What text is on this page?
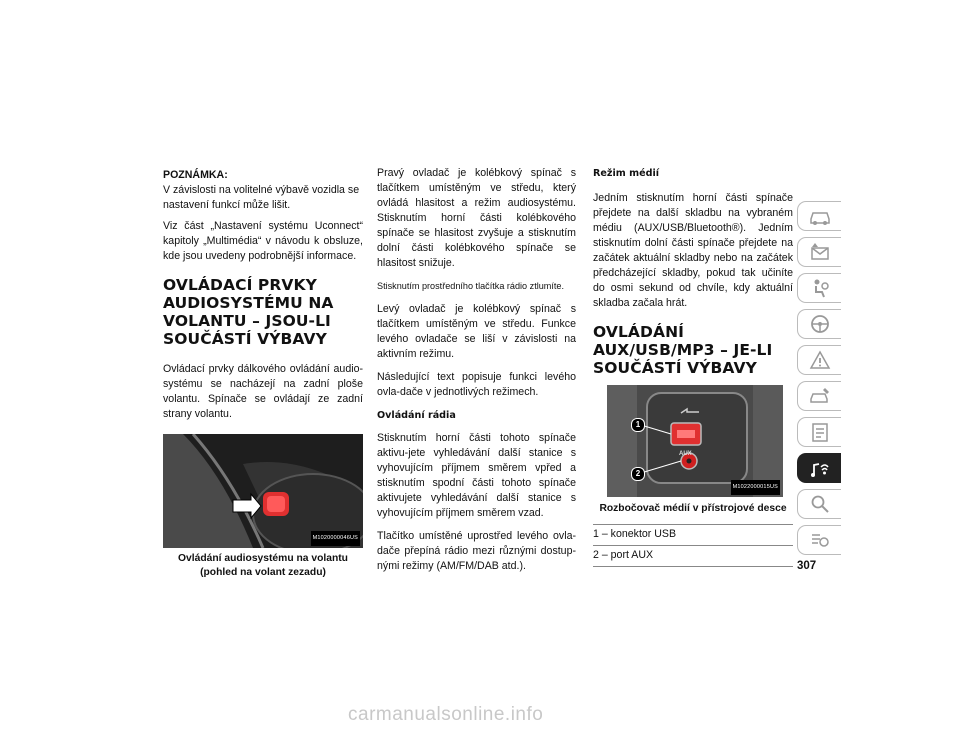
POZNÁMKA:
V závislosti na volitelné výbavě vozidla se nastavení funkcí může lišit.

Viz část „Nastavení systému Uconnect“ kapitoly „Multimédia“ v návodu k obsluze, kde jsou uvedeny podrobnější informace.

OVLÁDACÍ PRVKY AUDIOSYSTÉMU NA VOLANTU – JSOU-LI SOUČÁSTÍ VÝBAVY

Ovládací prvky dálkového ovládání audio-systému se nacházejí na zadní ploše volantu. Spínače se ovládají ze zadní strany volantu.

M1020000046US
Ovládání audiosystému na volantu
(pohled na volant zezadu)

Pravý ovladač je kolébkový spínač s tlačítkem umístěným ve středu, který ovládá hlasitost a režim audiosystému. Stisknutím horní části kolébkového spínače se hlasitost zvyšuje a stisknutím dolní části kolébkového spínače se hlasitost snižuje.

Stisknutím prostředního tlačítka rádio ztlumíte.

Levý ovladač je kolébkový spínač s tlačítkem umístěným ve středu. Funkce levého ovladače se liší v závislosti na aktivním režimu.

Následující text popisuje funkci levého ovla-dače v jednotlivých režimech.

Ovládání rádia

Stisknutím horní části tohoto spínače aktivu-jete vyhledávání další stanice s vyhovujícím příjmem směrem vpřed a stisknutím spodní části tohoto spínače aktivujete vyhledávání další stanice s vyhovujícím příjmem směrem vzad.

Tlačítko umístěné uprostřed levého ovla-dače přepíná rádio mezi různými dostup-nými režimy (AM/FM/DAB atd.).

Režim médií

Jedním stisknutím horní části spínače přejdete na další skladbu na vybraném médiu (AUX/USB/Bluetooth®). Jedním stisknutím dolní části spínače přejdete na začátek aktuální skladby nebo na začátek předcházející skladby, pokud tak učiníte do osmi sekund od chvíle, kdy aktuální skladba začala hrát.

OVLÁDÁNÍ AUX/USB/MP3 – JE-LI SOUČÁSTÍ VÝBAVY
AUX
1
2
M1022000015US
Rozbočovač médií v přístrojové desce
1 – konektor USB
2 – port AUX
307
carmanualsonline.info
